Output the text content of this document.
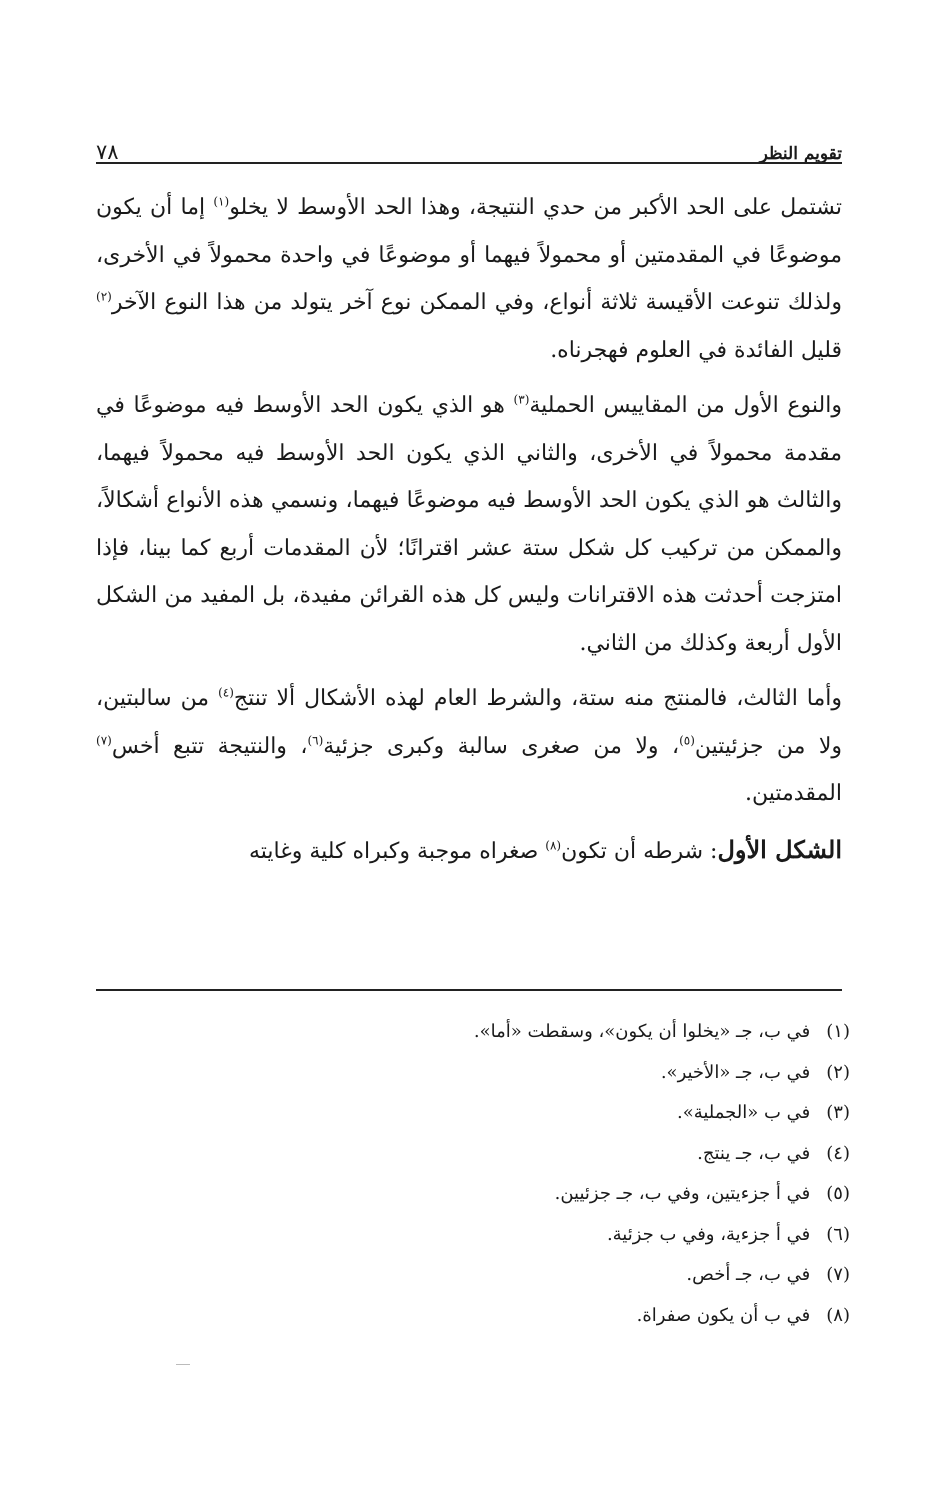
٧٨	تقويم النظر

تشتمل على الحد الأكبر من حدي النتيجة، وهذا الحد الأوسط لا يخلو$^{(١)}$ إما أن يكون موضوعًا في المقدمتين أو محمولاً فيهما أو موضوعًا في واحدة محمولاً في الأخرى، ولذلك تنوعت الأقيسة ثلاثة أنواع، وفي الممكن نوع آخر يتولد من هذا النوع الآخر$^{(٢)}$ قليل الفائدة في العلوم فهجرناه.

والنوع الأول من المقاييس الحملية$^{(٣)}$ هو الذي يكون الحد الأوسط فيه موضوعًا في مقدمة محمولاً في الأخرى، والثاني الذي يكون الحد الأوسط فيه محمولاً فيهما، والثالث هو الذي يكون الحد الأوسط فيه موضوعًا فيهما، ونسمي هذه الأنواع أشكالاً، والممكن من تركيب كل شكل ستة عشر اقترانًا؛ لأن المقدمات أربع كما بينا، فإذا امتزجت أحدثت هذه الاقترانات وليس كل هذه القرائن مفيدة، بل المفيد من الشكل الأول أربعة وكذلك من الثاني.

وأما الثالث، فالمنتج منه ستة، والشرط العام لهذه الأشكال ألا تنتج$^{(٤)}$ من سالبتين، ولا من جزئيتين$^{(٥)}$، ولا من صغرى سالبة وكبرى جزئية$^{(٦)}$، والنتيجة تتبع أخس$^{(٧)}$ المقدمتين.

الشكل الأول: شرطه أن تكون$^{(٨)}$ صغراه موجبة وكبراه كلية وغايته

(١)في ب، جـ «يخلوا أن يكون»، وسقطت «أما».
(٢)في ب، جـ «الأخير».
(٣)في ب «الجملية».
(٤)في ب، جـ ينتج.
(٥)في أ جزءيتين، وفي ب، جـ جزئيين.
(٦)في أ جزءية، وفي ب جزئية.
(٧)في ب، جـ أخص.
(٨)في ب أن يكون صفراة.
